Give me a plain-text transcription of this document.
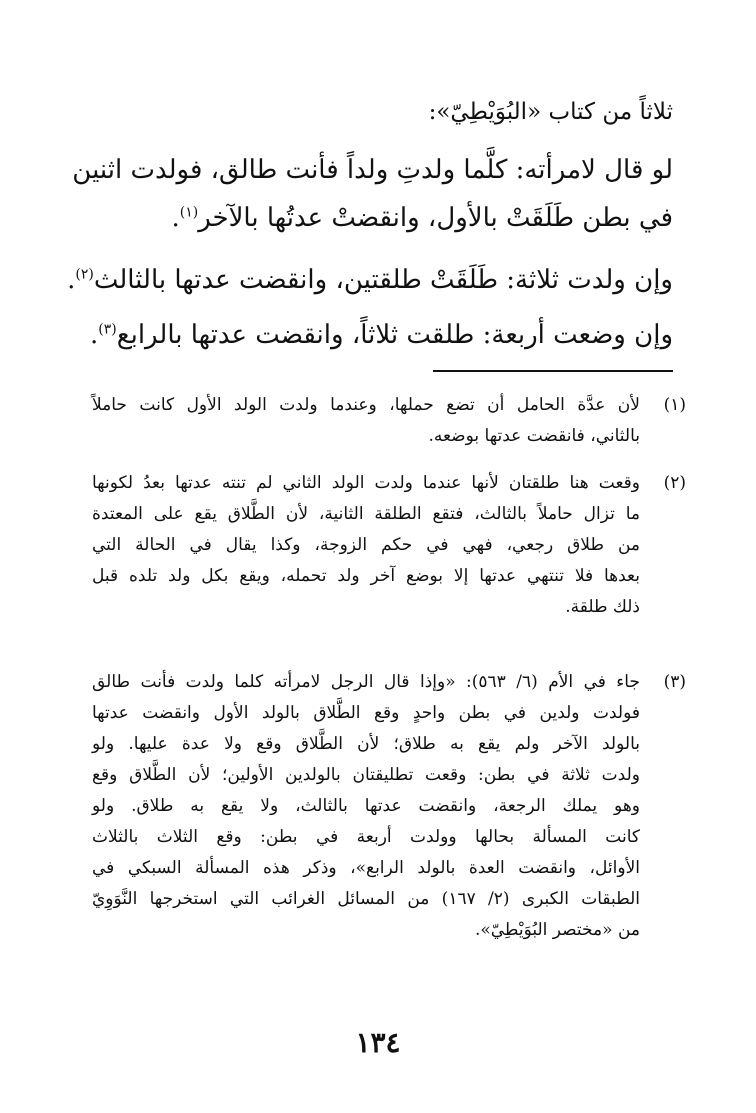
ثلاثاً من كتاب «البُوَيْطِيّ»:
لو قال لامرأته: كلَّما ولدتِ ولداً فأنت طالق، فولدت اثنين
في بطن طَلَقَتْ بالأول، وانقضتْ عدتُها بالآخر$^{(١)}$.
وإن ولدت ثلاثة: طَلَقَتْ طلقتين، وانقضت عدتها بالثالث$^{(٢)}$.
وإن وضعت أربعة: طلقت ثلاثاً، وانقضت عدتها بالرابع$^{(٣)}$.
(١)
لأن عدَّة الحامل أن تضع حملها، وعندما ولدت الولد الأول كانت حاملاً
بالثاني، فانقضت عدتها بوضعه.
(٢)
وقعت هنا طلقتان لأنها عندما ولدت الولد الثاني لم تنته عدتها بعدُ لكونها
ما تزال حاملاً بالثالث، فتقع الطلقة الثانية، لأن الطَّلاق يقع على المعتدة
من طلاق رجعي، فهي في حكم الزوجة، وكذا يقال في الحالة التي
بعدها فلا تنتهي عدتها إلا بوضع آخر ولد تحمله، ويقع بكل ولد تلده قبل
ذلك طلقة.
(٣)
جاء في الأم (٦/ ٥٦٣): «وإذا قال الرجل لامرأته كلما ولدت فأنت طالق
فولدت ولدين في بطن واحدٍ وقع الطَّلاق بالولد الأول وانقضت عدتها
بالولد الآخر ولم يقع به طلاق؛ لأن الطَّلاق وقع ولا عدة عليها. ولو
ولدت ثلاثة في بطن: وقعت تطليقتان بالولدين الأولين؛ لأن الطَّلاق وقع
وهو يملك الرجعة، وانقضت عدتها بالثالث، ولا يقع به طلاق. ولو
كانت المسألة بحالها وولدت أربعة في بطن: وقع الثلاث بالثلاث
الأوائل، وانقضت العدة بالولد الرابع»، وذكر هذه المسألة السبكي في
الطبقات الكبرى (٢/ ١٦٧) من المسائل الغرائب التي استخرجها النَّوَوِيّ
من «مختصر البُوَيْطِيّ».
١٣٤
